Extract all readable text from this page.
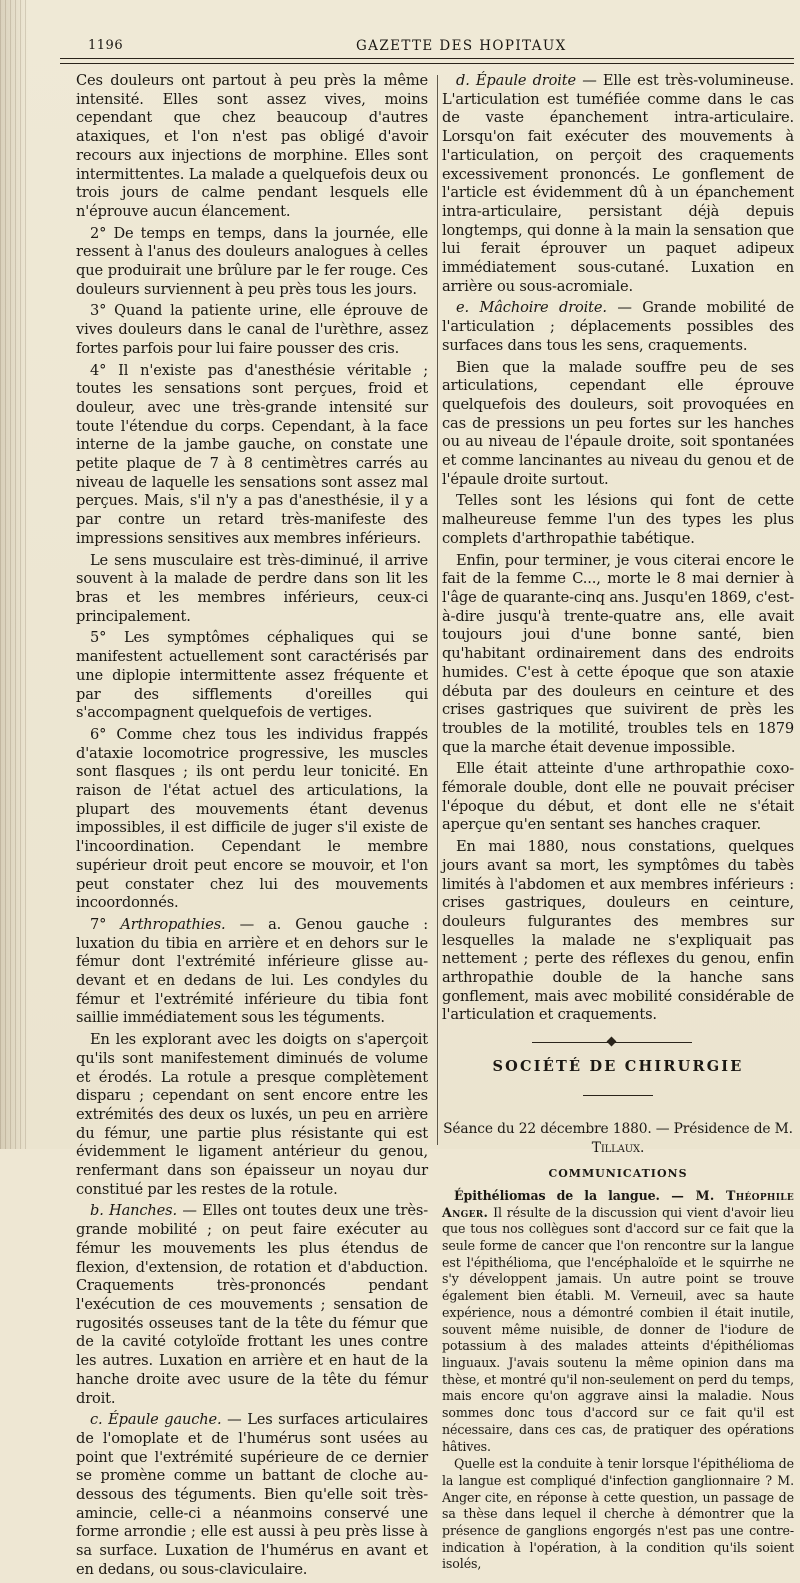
1196	GAZETTE DES HOPITAUX

Ces douleurs ont partout à peu près la même intensité. Elles sont assez vives, moins cependant que chez beaucoup d'autres ataxiques, et l'on n'est pas obligé d'avoir recours aux injections de morphine. Elles sont intermittentes. La malade a quelquefois deux ou trois jours de calme pendant lesquels elle n'éprouve aucun élancement.

2° De temps en temps, dans la journée, elle ressent à l'anus des douleurs analogues à celles que produirait une brûlure par le fer rouge. Ces douleurs surviennent à peu près tous les jours.

3° Quand la patiente urine, elle éprouve de vives douleurs dans le canal de l'urèthre, assez fortes parfois pour lui faire pousser des cris.

4° Il n'existe pas d'anesthésie véritable ; toutes les sensations sont perçues, froid et douleur, avec une très-grande intensité sur toute l'étendue du corps. Cependant, à la face interne de la jambe gauche, on constate une petite plaque de 7 à 8 centimètres carrés au niveau de laquelle les sensations sont assez mal perçues. Mais, s'il n'y a pas d'anesthésie, il y a par contre un retard très-manifeste des impressions sensitives aux membres inférieurs.

Le sens musculaire est très-diminué, il arrive souvent à la malade de perdre dans son lit les bras et les membres inférieurs, ceux-ci principalement.

5° Les symptômes céphaliques qui se manifestent actuellement sont caractérisés par une diplopie intermittente assez fréquente et par des sifflements d'oreilles qui s'accompagnent quelquefois de vertiges.

6° Comme chez tous les individus frappés d'ataxie locomotrice progressive, les muscles sont flasques ; ils ont perdu leur tonicité. En raison de l'état actuel des articulations, la plupart des mouvements étant devenus impossibles, il est difficile de juger s'il existe de l'incoordination. Cependant le membre supérieur droit peut encore se mouvoir, et l'on peut constater chez lui des mouvements incoordonnés.

7° Arthropathies. — a. Genou gauche : luxation du tibia en arrière et en dehors sur le fémur dont l'extrémité inférieure glisse au-devant et en dedans de lui. Les condyles du fémur et l'extrémité inférieure du tibia font saillie immédiatement sous les téguments.

En les explorant avec les doigts on s'aperçoit qu'ils sont manifestement diminués de volume et érodés. La rotule a presque complètement disparu ; cependant on sent encore entre les extrémités des deux os luxés, un peu en arrière du fémur, une partie plus résistante qui est évidemment le ligament antérieur du genou, renfermant dans son épaisseur un noyau dur constitué par les restes de la rotule.

b. Hanches. — Elles ont toutes deux une très-grande mobilité ; on peut faire exécuter au fémur les mouvements les plus étendus de flexion, d'extension, de rotation et d'abduction. Craquements très-prononcés pendant l'exécution de ces mouvements ; sensation de rugosités osseuses tant de la tête du fémur que de la cavité cotyloïde frottant les unes contre les autres. Luxation en arrière et en haut de la hanche droite avec usure de la tête du fémur droit.

c. Épaule gauche. — Les surfaces articulaires de l'omoplate et de l'humérus sont usées au point que l'extrémité supérieure de ce dernier se promène comme un battant de cloche au-dessous des téguments. Bien qu'elle soit très-amincie, celle-ci a néanmoins conservé une forme arrondie ; elle est aussi à peu près lisse à sa surface. Luxation de l'humérus en avant et en dedans, ou sous-claviculaire.

d. Épaule droite — Elle est très-volumineuse. L'articulation est tuméfiée comme dans le cas de vaste épanchement intra-articulaire. Lorsqu'on fait exécuter des mouvements à l'articulation, on perçoit des craquements excessivement prononcés. Le gonflement de l'article est évidemment dû à un épanchement intra-articulaire, persistant déjà depuis longtemps, qui donne à la main la sensation que lui ferait éprouver un paquet adipeux immédiatement sous-cutané. Luxation en arrière ou sous-acromiale.

e. Mâchoire droite. — Grande mobilité de l'articulation ; déplacements possibles des surfaces dans tous les sens, craquements.

Bien que la malade souffre peu de ses articulations, cependant elle éprouve quelquefois des douleurs, soit provoquées en cas de pressions un peu fortes sur les hanches ou au niveau de l'épaule droite, soit spontanées et comme lancinantes au niveau du genou et de l'épaule droite surtout.

Telles sont les lésions qui font de cette malheureuse femme l'un des types les plus complets d'arthropathie tabétique.

Enfin, pour terminer, je vous citerai encore le fait de la femme C..., morte le 8 mai dernier à l'âge de quarante-cinq ans. Jusqu'en 1869, c'est-à-dire jusqu'à trente-quatre ans, elle avait toujours joui d'une bonne santé, bien qu'habitant ordinairement dans des endroits humides. C'est à cette époque que son ataxie débuta par des douleurs en ceinture et des crises gastriques que suivirent de près les troubles de la motilité, troubles tels en 1879 que la marche était devenue impossible.

Elle était atteinte d'une arthropathie coxo-fémorale double, dont elle ne pouvait préciser l'époque du début, et dont elle ne s'était aperçue qu'en sentant ses hanches craquer.

En mai 1880, nous constations, quelques jours avant sa mort, les symptômes du tabès limités à l'abdomen et aux membres inférieurs : crises gastriques, douleurs en ceinture, douleurs fulgurantes des membres sur lesquelles la malade ne s'expliquait pas nettement ; perte des réflexes du genou, enfin arthropathie double de la hanche sans gonflement, mais avec mobilité considérable de l'articulation et craquements.

SOCIÉTÉ DE CHIRURGIE
Séance du 22 décembre 1880. — Présidence de M. Tillaux.
COMMUNICATIONS

Épithéliomas de la langue. — M. Théophile Anger. Il résulte de la discussion qui vient d'avoir lieu que tous nos collègues sont d'accord sur ce fait que la seule forme de cancer que l'on rencontre sur la langue est l'épithélioma, que l'encéphaloïde et le squirrhe ne s'y développent jamais. Un autre point se trouve également bien établi. M. Verneuil, avec sa haute expérience, nous a démontré combien il était inutile, souvent même nuisible, de donner de l'iodure de potassium à des malades atteints d'épithéliomas linguaux. J'avais soutenu la même opinion dans ma thèse, et montré qu'il non-seulement on perd du temps, mais encore qu'on aggrave ainsi la maladie. Nous sommes donc tous d'accord sur ce fait qu'il est nécessaire, dans ces cas, de pratiquer des opérations hâtives.

Quelle est la conduite à tenir lorsque l'épithélioma de la langue est compliqué d'infection ganglionnaire ? M. Anger cite, en réponse à cette question, un passage de sa thèse dans lequel il cherche à démontrer que la présence de ganglions engorgés n'est pas une contre-indication à l'opération, à la condition qu'ils soient isolés,
